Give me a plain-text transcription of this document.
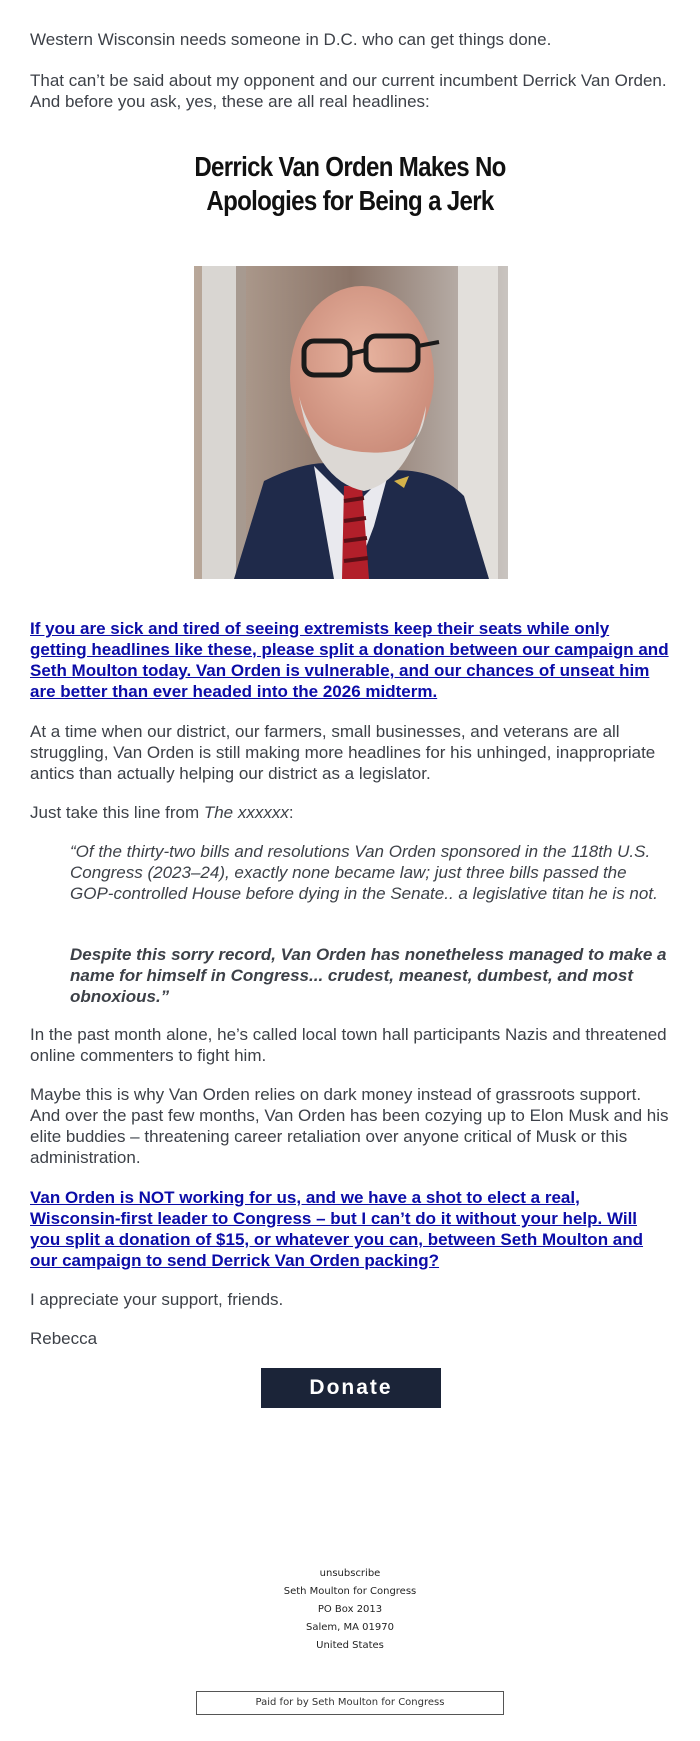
Western Wisconsin needs someone in D.C. who can get things done.

That can’t be said about my opponent and our current incumbent Derrick Van Orden. And before you ask, yes, these are all real headlines:

Derrick Van Orden Makes No
Apologies for Being a Jerk

If you are sick and tired of seeing extremists keep their seats while only getting headlines like these, please split a donation between our campaign and Seth Moulton today. Van Orden is vulnerable, and our chances of unseat him are better than ever headed into the 2026 midterm.

At a time when our district, our farmers, small businesses, and veterans are all struggling, Van Orden is still making more headlines for his unhinged, inappropriate antics than actually helping our district as a legislator.

Just take this line from The xxxxxx:

“Of the thirty-two bills and resolutions Van Orden sponsored in the 118th U.S. Congress (2023–24), exactly none became law; just three bills passed the GOP-controlled House before dying in the Senate.. a legislative titan he is not.

Despite this sorry record, Van Orden has nonetheless managed to make a name for himself in Congress... crudest, meanest, dumbest, and most obnoxious.”

In the past month alone, he’s called local town hall participants Nazis and threatened online commenters to fight him.

Maybe this is why Van Orden relies on dark money instead of grassroots support. And over the past few months, Van Orden has been cozying up to Elon Musk and his elite buddies – threatening career retaliation over anyone critical of Musk or this administration.

Van Orden is NOT working for us, and we have a shot to elect a real, Wisconsin-first leader to Congress – but I can’t do it without your help. Will you split a donation of $15, or whatever you can, between Seth Moulton and our campaign to send Derrick Van Orden packing?

I appreciate your support, friends.

Rebecca

Donate
unsubscribe
Seth Moulton for Congress
PO Box 2013
Salem, MA 01970
United States
Paid for by Seth Moulton for Congress
